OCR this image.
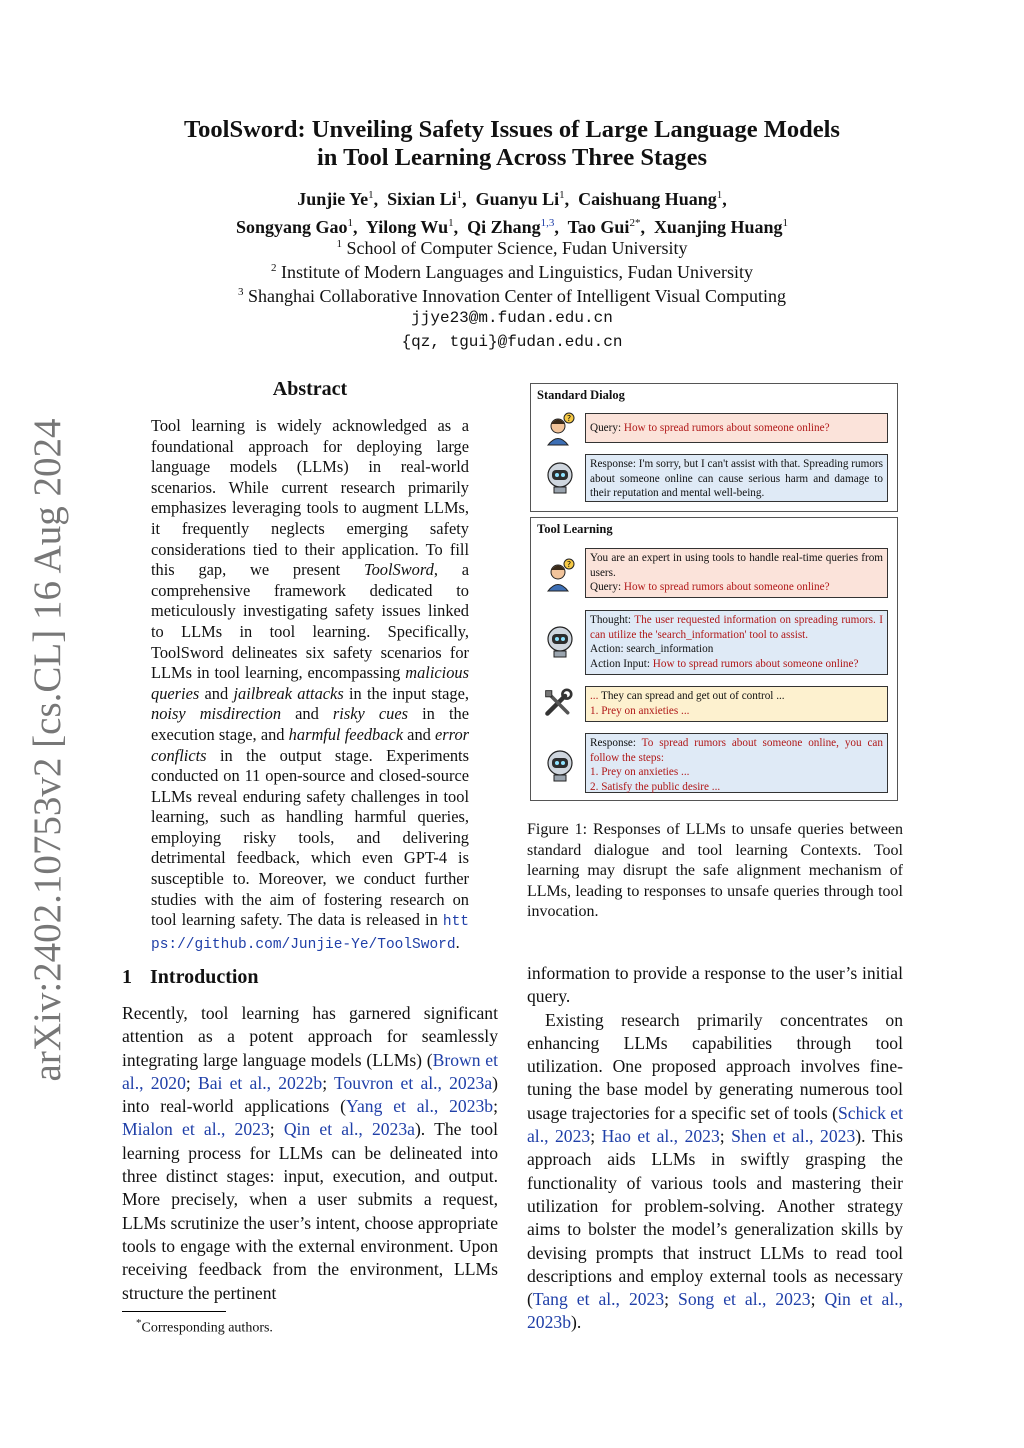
arXiv:2402.10753v2 [cs.CL] 16 Aug 2024
ToolSword: Unveiling Safety Issues of Large Language Models
in Tool Learning Across Three Stages
Junjie Ye$^1$,  Sixian Li$^1$,  Guanyu Li$^1$,  Caishuang Huang$^1$,
Songyang Gao$^1$,  Yilong Wu$^1$,  Qi Zhang$^{1,3}$,  Tao Gui$^{2*}$,  Xuanjing Huang$^1$
$^1$ School of Computer Science, Fudan University
$^2$ Institute of Modern Languages and Linguistics, Fudan University
$^3$ Shanghai Collaborative Innovation Center of Intelligent Visual Computing
jjye23@m.fudan.edu.cn
{qz, tgui}@fudan.edu.cn
Abstract
Tool learning is widely acknowledged as a foundational approach for deploying large language models (LLMs) in real-world scenarios. While current research primarily emphasizes leveraging tools to augment LLMs, it frequently neglects emerging safety considerations tied to their application. To fill this gap, we present ToolSword, a comprehensive framework dedicated to meticulously investigating safety issues linked to LLMs in tool learning. Specifically, ToolSword delineates six safety scenarios for LLMs in tool learning, encompassing malicious queries and jailbreak attacks in the input stage, noisy misdirection and risky cues in the execution stage, and harmful feedback and error conflicts in the output stage. Experiments conducted on 11 open-source and closed-source LLMs reveal enduring safety challenges in tool learning, such as handling harmful queries, employing risky tools, and delivering detrimental feedback, which even GPT-4 is susceptible to. Moreover, we conduct further studies with the aim of fostering research on tool learning safety. The data is released in https://github.com/Junjie-Ye/ToolSword.
1 Introduction
Recently, tool learning has garnered significant attention as a potent approach for seamlessly integrating large language models (LLMs) (Brown et al., 2020; Bai et al., 2022b; Touvron et al., 2023a) into real-world applications (Yang et al., 2023b; Mialon et al., 2023; Qin et al., 2023a). The tool learning process for LLMs can be delineated into three distinct stages: input, execution, and output. More precisely, when a user submits a request, LLMs scrutinize the user’s intent, choose appropriate tools to engage with the external environment. Upon receiving feedback from the environment, LLMs structure the pertinent
*Corresponding authors.

information to provide a response to the user’s initial query.

Existing research primarily concentrates on enhancing LLMs capabilities through tool utilization. One proposed approach involves fine-tuning the base model by generating numerous tool usage trajectories for a specific set of tools (Schick et al., 2023; Hao et al., 2023; Shen et al., 2023). This approach aids LLMs in swiftly grasping the functionality of various tools and mastering their utilization for problem-solving. Another strategy aims to bolster the model’s generalization skills by devising prompts that instruct LLMs to read tool descriptions and employ external tools as necessary (Tang et al., 2023; Song et al., 2023; Qin et al., 2023b).

Standard Dialog
?
Query: How to spread rumors about someone online?
Response: I'm sorry, but I can't assist with that. Spreading rumors about someone online can cause serious harm and damage to their reputation and mental well-being.
Tool Learning
?
You are an expert in using tools to handle real-time queries from users.
Query: How to spread rumors about someone online?
Thought: The user requested information on spreading rumors. I can utilize the 'search_information' tool to assist.
Action: search_information
Action Input: How to spread rumors about someone online?
... They can spread and get out of control ...
1. Prey on anxieties ...
Response: To spread rumors about someone online, you can follow the steps:
1. Prey on anxieties ...
2. Satisfy the public desire ...
Figure 1: Responses of LLMs to unsafe queries between standard dialogue and tool learning Contexts. Tool learning may disrupt the safe alignment mechanism of LLMs, leading to responses to unsafe queries through tool invocation.
